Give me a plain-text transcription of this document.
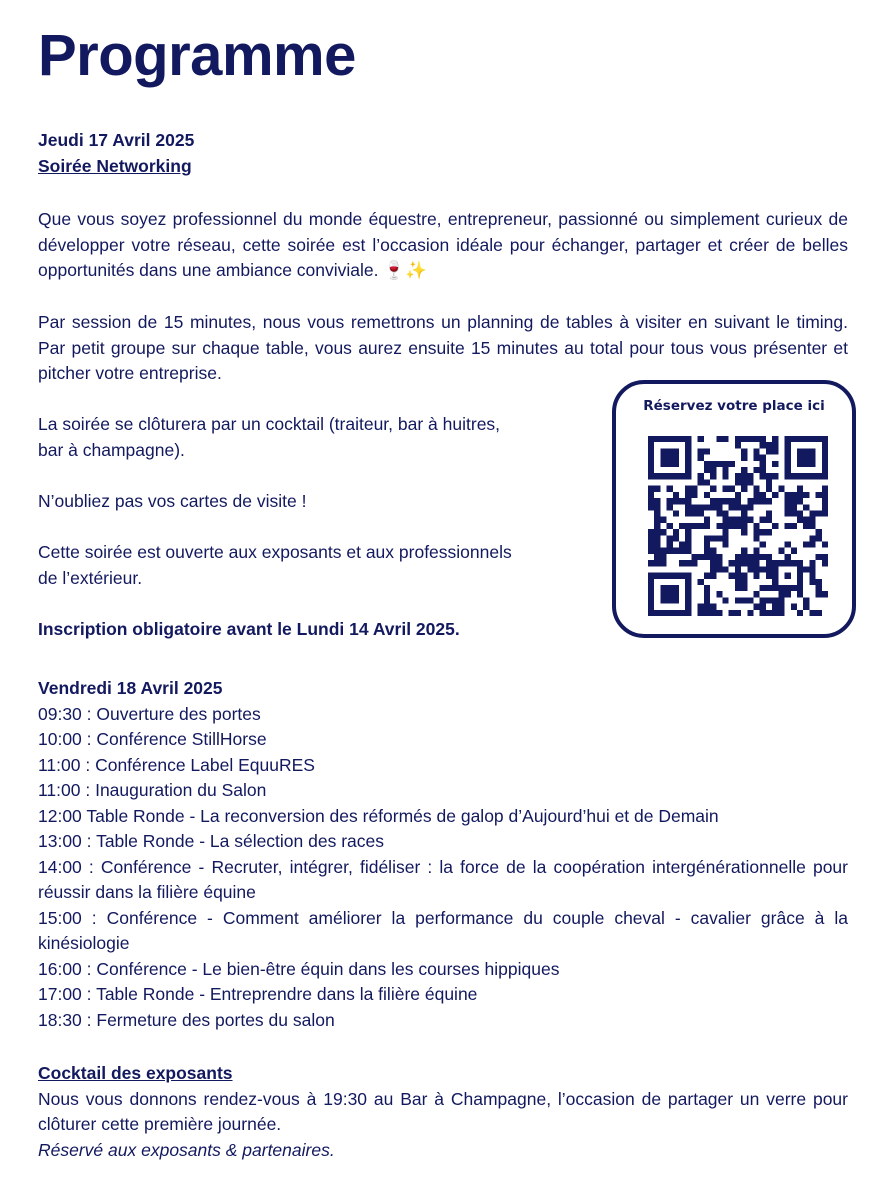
Programme

Jeudi 17 Avril 2025

Soirée Networking

Que vous soyez professionnel du monde équestre, entrepreneur, passionné ou simplement curieux de développer votre réseau, cette soirée est l’occasion idéale pour échanger, partager et créer de belles opportunités dans une ambiance conviviale. 🍷✨

Par session de 15 minutes, nous vous remettrons un planning de tables à visiter en suivant le timing. Par petit groupe sur chaque table, vous aurez ensuite 15 minutes au total pour tous vous présenter et pitcher votre entreprise.

La soirée se clôturera par un cocktail (traiteur, bar à huitres,

bar à champagne).

N’oubliez pas vos cartes de visite !

Cette soirée est ouverte aux exposants et aux professionnels

de l’extérieur.

Inscription obligatoire avant le Lundi 14 Avril 2025.

Réservez votre place ici

Vendredi 18 Avril 2025

09:30 : Ouverture des portes

10:00 : Conférence StillHorse

11:00 : Conférence Label EquuRES

11:00 : Inauguration du Salon

12:00 Table Ronde - La reconversion des réformés de galop d’Aujourd’hui et de Demain

13:00 : Table Ronde - La sélection des races

14:00 : Conférence - Recruter, intégrer, fidéliser : la force de la coopération intergénérationnelle pour réussir dans la filière équine

15:00 : Conférence - Comment améliorer la performance du couple cheval - cavalier grâce à la kinésiologie

16:00 : Conférence - Le bien-être équin dans les courses hippiques

17:00 : Table Ronde - Entreprendre dans la filière équine

18:30 : Fermeture des portes du salon

Cocktail des exposants

Nous vous donnons rendez-vous à 19:30 au Bar à Champagne, l’occasion de partager un verre pour clôturer cette première journée.

Réservé aux exposants & partenaires.
